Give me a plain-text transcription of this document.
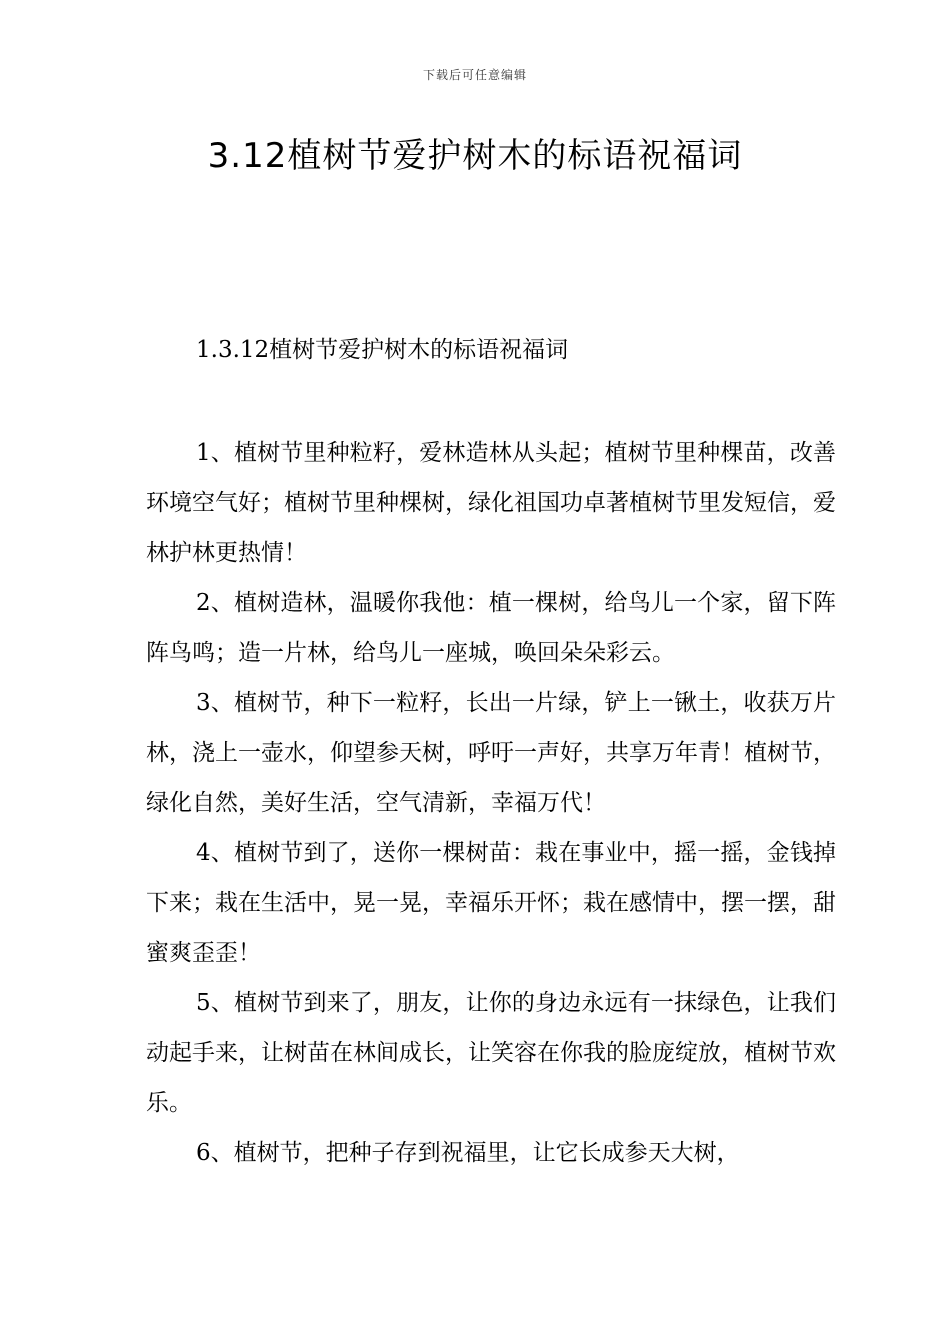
下载后可任意编辑
3.12植树节爱护树木的标语祝福词

1.3.12植树节爱护树木的标语祝福词

1、植树节里种粒籽，爱林造林从头起；植树节里种棵苗，改善环境空气好；植树节里种棵树，绿化祖国功卓著植树节里发短信，爱林护林更热情！

2、植树造林，温暖你我他：植一棵树，给鸟儿一个家，留下阵阵鸟鸣；造一片林，给鸟儿一座城，唤回朵朵彩云。

3、植树节，种下一粒籽，长出一片绿，铲上一锹土，收获万片林，浇上一壶水，仰望参天树，呼吁一声好，共享万年青！植树节，绿化自然，美好生活，空气清新，幸福万代！

4、植树节到了，送你一棵树苗：栽在事业中，摇一摇，金钱掉下来；栽在生活中，晃一晃，幸福乐开怀；栽在感情中，摆一摆，甜蜜爽歪歪！

5、植树节到来了，朋友，让你的身边永远有一抹绿色，让我们动起手来，让树苗在林间成长，让笑容在你我的脸庞绽放，植树节欢乐。

6、植树节，把种子存到祝福里，让它长成参天大树，
